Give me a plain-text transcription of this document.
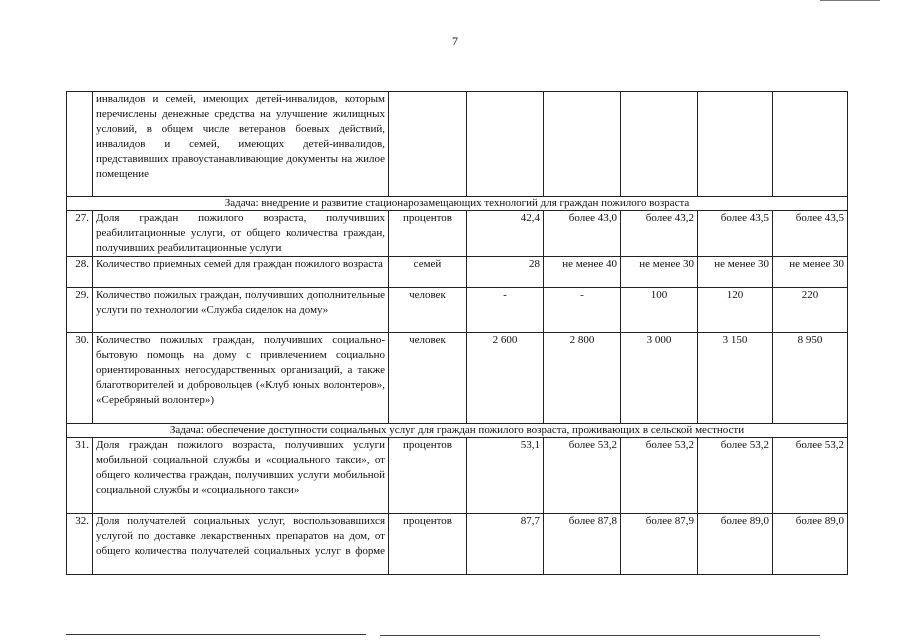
7
	инвалидов и семей, имеющих детей-инвалидов, которым перечислены денежные средства на улучшение жилищных условий, в общем числе ветеранов боевых действий, инвалидов и семей, имеющих детей-инвалидов, представивших правоустанавливающие документы на жилое помещение						
Задача: внедрение и развитие стационарозамещающих технологий для граждан пожилого возраста							
27.	Доля граждан пожилого возраста, получивших реабилитационные услуги, от общего количества граждан, получивших реабилитационные услуги	процентов	42,4	более 43,0	более 43,2	более 43,5	более 43,5
28.	Количество приемных семей для граждан пожилого возраста	семей	28	не менее 40	не менее 30	не менее 30	не менее 30
29.	Количество пожилых граждан, получивших дополнительные услуги по технологии «Служба сиделок на дому»	человек	-	-	100	120	220
30.	Количество пожилых граждан, получивших социально-бытовую помощь на дому с привлечением социально ориентированных негосударственных организаций, а также благотворителей и добровольцев («Клуб юных волонтеров», «Серебряный волонтер»)	человек	2 600	2 800	3 000	3 150	8 950
Задача: обеспечение доступности социальных услуг для граждан пожилого возраста, проживающих в сельской местности							
31.	Доля граждан пожилого возраста, получивших услуги мобильной социальной службы и «социального такси», от общего количества граждан, получивших услуги мобильной социальной службы и «социального такси»	процентов	53,1	более 53,2	более 53,2	более 53,2	более 53,2
32.	Доля получателей социальных услуг, воспользовавшихся услугой по доставке лекарственных препаратов на дом, от общего количества получателей социальных услуг в форме	процентов	87,7	более 87,8	более 87,9	более 89,0	более 89,0
